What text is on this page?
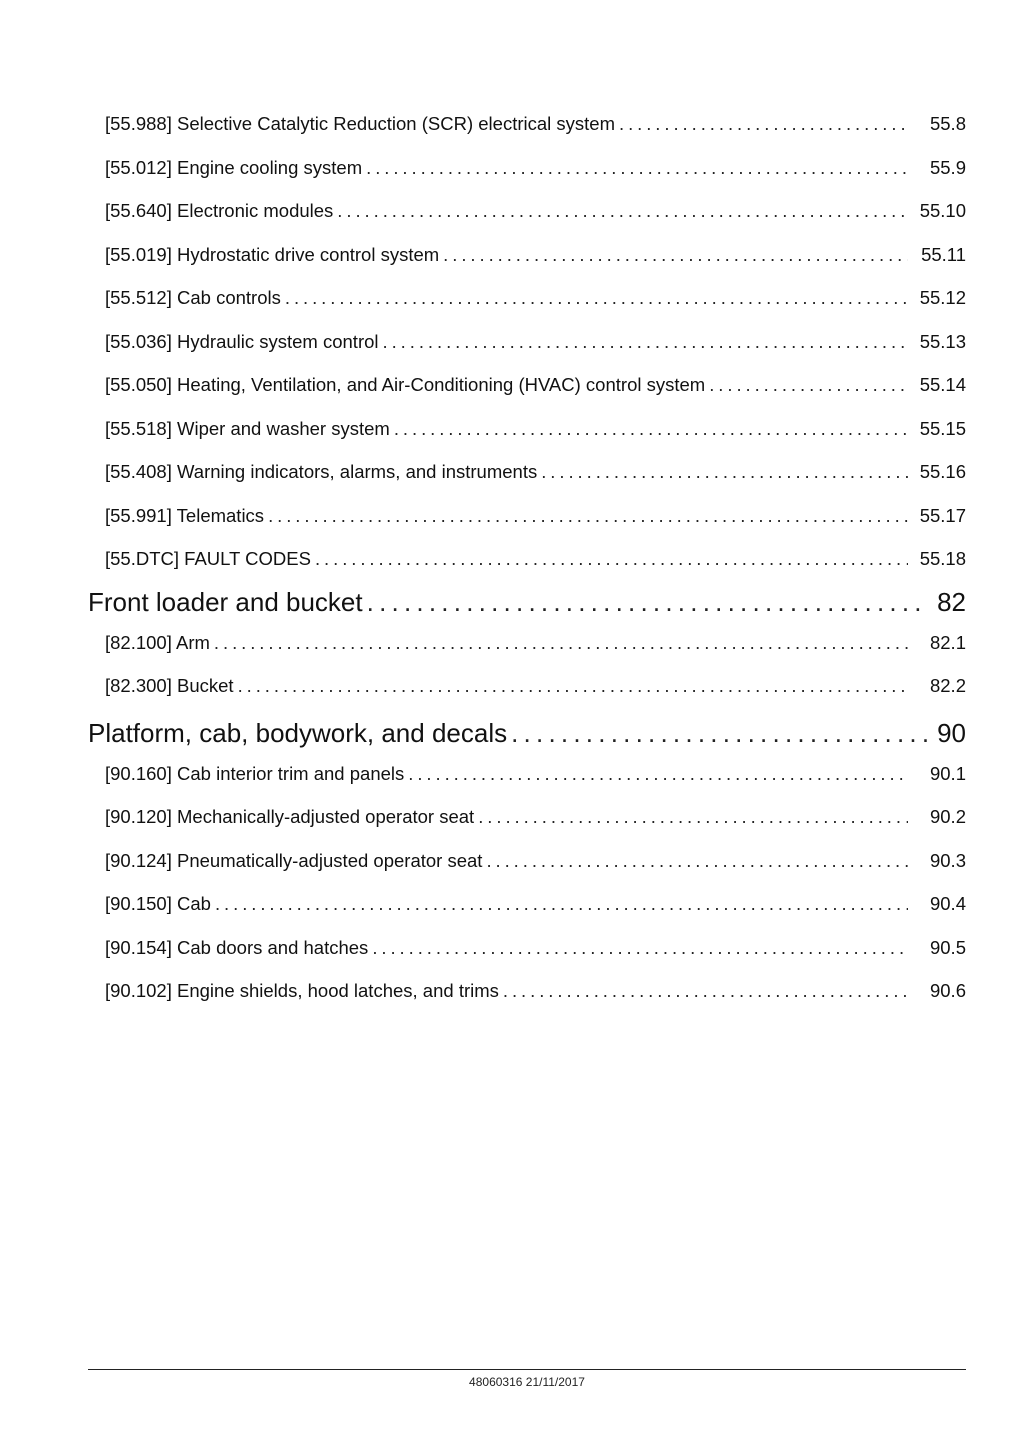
[55.988] Selective Catalytic Reduction (SCR) electrical system . . .	55.8
[55.012] Engine cooling system . . .	55.9
[55.640] Electronic modules . . .	55.10
[55.019] Hydrostatic drive control system . . .	55.11
[55.512] Cab controls . . .	55.12
[55.036] Hydraulic system control . . .	55.13
[55.050] Heating, Ventilation, and Air-Conditioning (HVAC) control system . . .	55.14
[55.518] Wiper and washer system . . .	55.15
[55.408] Warning indicators, alarms, and instruments . . .	55.16
[55.991] Telematics . . .	55.17
[55.DTC] FAULT CODES . . .	55.18
Front loader and bucket . . .	82
[82.100] Arm . . .	82.1
[82.300] Bucket . . .	82.2
Platform, cab, bodywork, and decals . . .	90
[90.160] Cab interior trim and panels . . .	90.1
[90.120] Mechanically-adjusted operator seat . . .	90.2
[90.124] Pneumatically-adjusted operator seat . . .	90.3
[90.150] Cab . . .	90.4
[90.154] Cab doors and hatches . . .	90.5
[90.102] Engine shields, hood latches, and trims . . .	90.6
48060316 21/11/2017
